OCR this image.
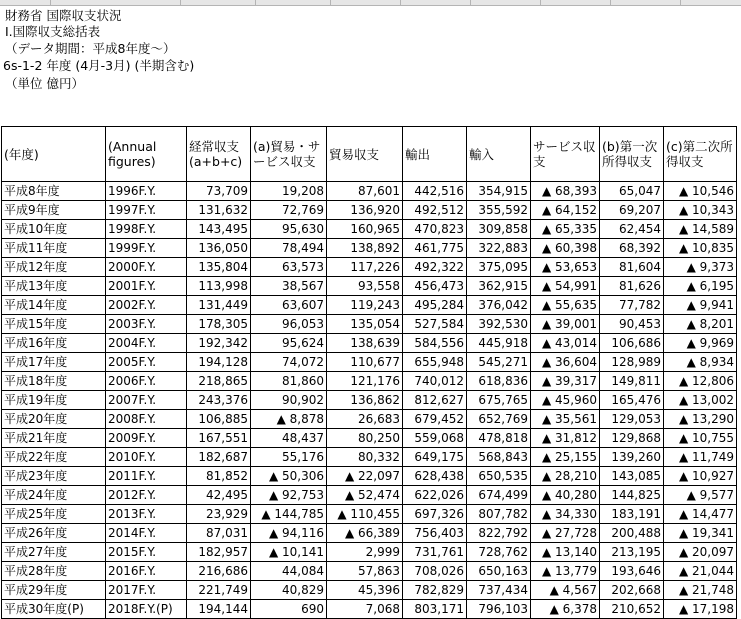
財務省 国際収支状況
Ⅰ.国際収支総括表
（データ期間：平成8年度～）
6s-1-2 年度 (4月-3月) (半期含む)
（単位 億円）
(年度)	(Annual figures)	経常収支 (a+b+c)	(a)貿易・サービス収支	貿易収支	輸出	輸入	サービス収支	(b)第一次所得収支	(c)第二次所得収支
平成8年度	1996F.Y.	73,709	19,208	87,601	442,516	354,915	▲ 68,393	65,047	▲ 10,546
平成9年度	1997F.Y.	131,632	72,769	136,920	492,512	355,592	▲ 64,152	69,207	▲ 10,343
平成10年度	1998F.Y.	143,495	95,630	160,965	470,823	309,858	▲ 65,335	62,454	▲ 14,589
平成11年度	1999F.Y.	136,050	78,494	138,892	461,775	322,883	▲ 60,398	68,392	▲ 10,835
平成12年度	2000F.Y.	135,804	63,573	117,226	492,322	375,095	▲ 53,653	81,604	▲ 9,373
平成13年度	2001F.Y.	113,998	38,567	93,558	456,473	362,915	▲ 54,991	81,626	▲ 6,195
平成14年度	2002F.Y.	131,449	63,607	119,243	495,284	376,042	▲ 55,635	77,782	▲ 9,941
平成15年度	2003F.Y.	178,305	96,053	135,054	527,584	392,530	▲ 39,001	90,453	▲ 8,201
平成16年度	2004F.Y.	192,342	95,624	138,639	584,556	445,918	▲ 43,014	106,686	▲ 9,969
平成17年度	2005F.Y.	194,128	74,072	110,677	655,948	545,271	▲ 36,604	128,989	▲ 8,934
平成18年度	2006F.Y.	218,865	81,860	121,176	740,012	618,836	▲ 39,317	149,811	▲ 12,806
平成19年度	2007F.Y.	243,376	90,902	136,862	812,627	675,765	▲ 45,960	165,476	▲ 13,002
平成20年度	2008F.Y.	106,885	▲ 8,878	26,683	679,452	652,769	▲ 35,561	129,053	▲ 13,290
平成21年度	2009F.Y.	167,551	48,437	80,250	559,068	478,818	▲ 31,812	129,868	▲ 10,755
平成22年度	2010F.Y.	182,687	55,176	80,332	649,175	568,843	▲ 25,155	139,260	▲ 11,749
平成23年度	2011F.Y.	81,852	▲ 50,306	▲ 22,097	628,438	650,535	▲ 28,210	143,085	▲ 10,927
平成24年度	2012F.Y.	42,495	▲ 92,753	▲ 52,474	622,026	674,499	▲ 40,280	144,825	▲ 9,577
平成25年度	2013F.Y.	23,929	▲ 144,785	▲ 110,455	697,326	807,782	▲ 34,330	183,191	▲ 14,477
平成26年度	2014F.Y.	87,031	▲ 94,116	▲ 66,389	756,403	822,792	▲ 27,728	200,488	▲ 19,341
平成27年度	2015F.Y.	182,957	▲ 10,141	2,999	731,761	728,762	▲ 13,140	213,195	▲ 20,097
平成28年度	2016F.Y.	216,686	44,084	57,863	708,026	650,163	▲ 13,779	193,646	▲ 21,044
平成29年度	2017F.Y.	221,749	40,829	45,396	782,829	737,434	▲ 4,567	202,668	▲ 21,748
平成30年度(P)	2018F.Y.(P)	194,144	690	7,068	803,171	796,103	▲ 6,378	210,652	▲ 17,198
